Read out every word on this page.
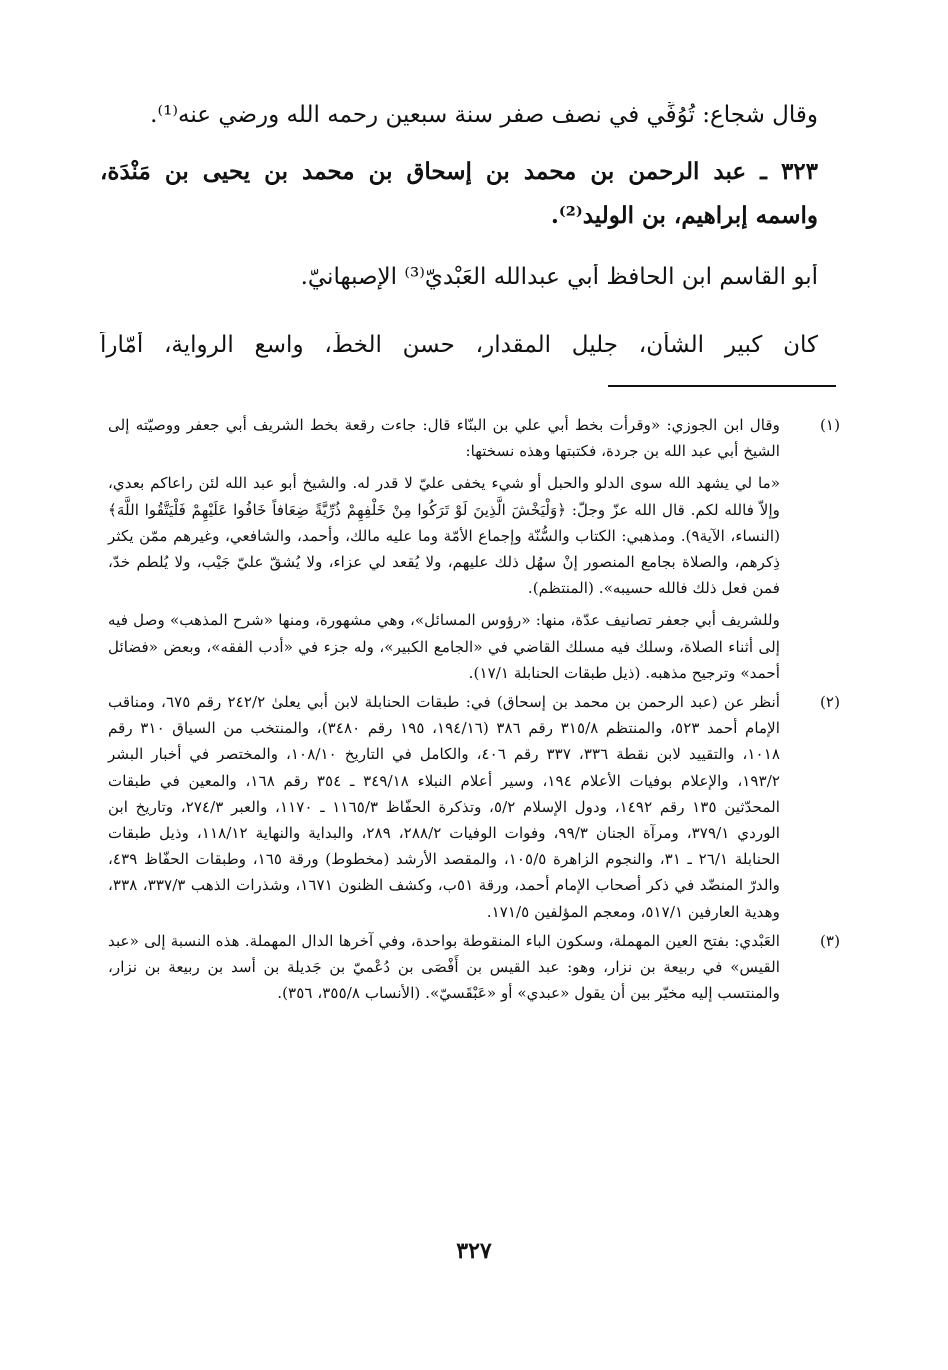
وقال شجاع: تُوُفِّي في نصف صفر سنة سبعين رحمه الله ورضي عنه⁽¹⁾.
٣٢٣ ـ عبد الرحمن بن محمد بن إسحاق بن محمد بن يحيى بن مَنْدَة،
واسمه إبراهيم، بن الوليد⁽²⁾.
أبو القاسم ابن الحافظ أبي عبدالله العَبْديّ⁽³⁾ الإصبهانيّ.
كان كبير الشأن، جليل المقدار، حسن الخطّ، واسع الرواية، أمّاراً
(١)

وقال ابن الجوزي: «وقرأت بخط أبي علي بن البنّاء قال: جاءت رقعة بخط الشريف أبي جعفر ووصيّته إلى الشيخ أبي عبد الله بن جردة، فكتبتها وهذه نسختها:

«ما لي يشهد الله سوى الدلو والحبل أو شيء يخفى عليّ لا قدر له. والشيخ أبو عبد الله لئن راعاكم بعدي، وإلاّ فالله لكم. قال الله عزّ وجلّ: ﴿وَلْيَخْشَ الَّذِينَ لَوْ تَرَكُوا مِنْ خَلْفِهِمْ ذُرِّيَّةً ضِعَافاً خَافُوا عَلَيْهِمْ فَلْيَتَّقُوا اللَّهَ﴾ (النساء، الآية٩). ومذهبي: الكتاب والسُّنّة وإجماع الأمّة وما عليه مالك، وأحمد، والشافعي، وغيرهم ممّن يكثر ذِكرهم، والصلاة بجامع المنصور إنْ سهُل ذلك عليهم، ولا يُقعد لي عزاء، ولا يُشقّ عليّ جَيْب، ولا يُلطم خدّ، فمن فعل ذلك فالله حسيبه». (المنتظم).

وللشريف أبي جعفر تصانيف عدّة، منها: «رؤوس المسائل»، وهي مشهورة، ومنها «شرح المذهب» وصل فيه إلى أثناء الصلاة، وسلك فيه مسلك القاضي في «الجامع الكبير»، وله جزء في «أدب الفقه»، وبعض «فضائل أحمد» وترجيح مذهبه. (ذيل طبقات الحنابلة ١٧/١).

(٢)

أنظر عن (عبد الرحمن بن محمد بن إسحاق) في: طبقات الحنابلة لابن أبي يعلىٰ ٢٤٢/٢ رقم ٦٧٥، ومناقب الإمام أحمد ٥٢٣، والمنتظم ٣١٥/٨ رقم ٣٨٦ (١٩٤/١٦، ١٩٥ رقم ٣٤٨٠)، والمنتخب من السياق ٣١٠ رقم ١٠١٨، والتقييد لابن نقطة ٣٣٦، ٣٣٧ رقم ٤٠٦، والكامل في التاريخ ١٠٨/١٠، والمختصر في أخبار البشر ١٩٣/٢، والإعلام بوفيات الأعلام ١٩٤، وسير أعلام النبلاء ٣٤٩/١٨ ـ ٣٥٤ رقم ١٦٨، والمعين في طبقات المحدّثين ١٣٥ رقم ١٤٩٢، ودول الإسلام ٥/٢، وتذكرة الحفّاظ ١١٦٥/٣ ـ ١١٧٠، والعبر ٢٧٤/٣، وتاريخ ابن الوردي ٣٧٩/١، ومرآة الجنان ٩٩/٣، وفوات الوفيات ٢٨٨/٢، ٢٨٩، والبداية والنهاية ١١٨/١٢، وذيل طبقات الحنابلة ٢٦/١ ـ ٣١، والنجوم الزاهرة ١٠٥/٥، والمقصد الأرشد (مخطوط) ورقة ١٦٥، وطبقات الحفّاظ ٤٣٩، والدرّ المنضّد في ذكر أصحاب الإمام أحمد، ورقة ٥١ب، وكشف الظنون ١٦٧١، وشذرات الذهب ٣٣٧/٣، ٣٣٨، وهدية العارفين ٥١٧/١، ومعجم المؤلفين ١٧١/٥.

(٣)

العَبْدي: بفتح العين المهملة، وسكون الباء المنقوطة بواحدة، وفي آخرها الدال المهملة. هذه النسبة إلى «عبد القيس» في ربيعة بن نزار، وهو: عبد القيس بن أَفْصَى بن دُعْميّ بن جَديلة بن أسد بن ربيعة بن نزار، والمنتسب إليه مخيّر بين أن يقول «عبدي» أو «عَبْقَسيّ». (الأنساب ٣٥٥/٨، ٣٥٦).

٣٢٧
